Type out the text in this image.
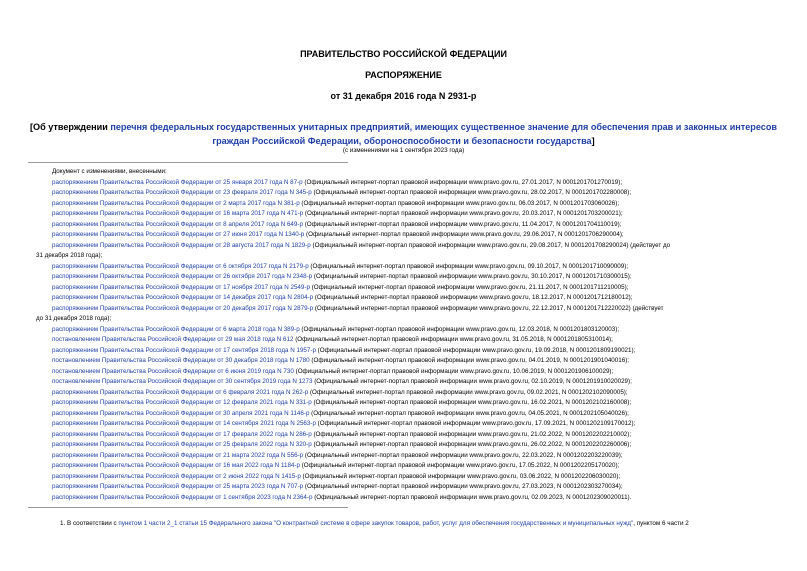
ПРАВИТЕЛЬСТВО РОССИЙСКОЙ ФЕДЕРАЦИИ
РАСПОРЯЖЕНИЕ
от 31 декабря 2016 года N 2931-р
[Об утверждении перечня федеральных государственных унитарных предприятий, имеющих существенное значение для обеспечения прав и законных интересов
граждан Российской Федерации, обороноспособности и безопасности государства]
(с изменениями на 1 сентября 2023 года)
Документ с изменениями, внесенными:
распоряжением Правительства Российской Федерации от 25 января 2017 года N 87-р (Официальный интернет-портал правовой информации www.pravo.gov.ru, 27.01.2017, N 0001201701270019);
распоряжением Правительства Российской Федерации от 23 февраля 2017 года N 345-р (Официальный интернет-портал правовой информации www.pravo.gov.ru, 28.02.2017, N 0001201702280008);
распоряжением Правительства Российской Федерации от 2 марта 2017 года N 381-р (Официальный интернет-портал правовой информации www.pravo.gov.ru, 06.03.2017, N 0001201703060026);
распоряжением Правительства Российской Федерации от 16 марта 2017 года N 471-р (Официальный интернет-портал правовой информации www.pravo.gov.ru, 20.03.2017, N 0001201703200021);
распоряжением Правительства Российской Федерации от 8 апреля 2017 года N 649-р (Официальный интернет-портал правовой информации www.pravo.gov.ru, 11.04.2017, N 0001201704110019);
распоряжением Правительства Российской Федерации от 27 июня 2017 года N 1340-р (Официальный интернет-портал правовой информации www.pravo.gov.ru, 29.06.2017, N 0001201706290004);
распоряжением Правительства Российской Федерации от 28 августа 2017 года N 1829-р (Официальный интернет-портал правовой информации www.pravo.gov.ru, 29.08.2017, N 0001201708290024) (действует до
31 декабря 2018 года);
распоряжением Правительства Российской Федерации от 6 октября 2017 года N 2179-р (Официальный интернет-портал правовой информации www.pravo.gov.ru, 09.10.2017, N 0001201710090009);
распоряжением Правительства Российской Федерации от 26 октября 2017 года N 2348-р (Официальный интернет-портал правовой информации www.pravo.gov.ru, 30.10.2017, N 0001201710300015);
распоряжением Правительства Российской Федерации от 17 ноября 2017 года N 2549-р (Официальный интернет-портал правовой информации www.pravo.gov.ru, 21.11.2017, N 0001201711210005);
распоряжением Правительства Российской Федерации от 14 декабря 2017 года N 2804-р (Официальный интернет-портал правовой информации www.pravo.gov.ru, 18.12.2017, N 0001201712180012);
распоряжением Правительства Российской Федерации от 20 декабря 2017 года N 2879-р (Официальный интернет-портал правовой информации www.pravo.gov.ru, 22.12.2017, N 0001201712220022) (действует
до 31 декабря 2018 года);
распоряжением Правительства Российской Федерации от 6 марта 2018 года N 389-р (Официальный интернет-портал правовой информации www.pravo.gov.ru, 12.03.2018, N 0001201803120003);
постановлением Правительства Российской Федерации от 29 мая 2018 года N 612 (Официальный интернет-портал правовой информации www.pravo.gov.ru, 31.05.2018, N 0001201805310014);
распоряжением Правительства Российской Федерации от 17 сентября 2018 года N 1957-р (Официальный интернет-портал правовой информации www.pravo.gov.ru, 19.09.2018, N 0001201809190021);
постановлением Правительства Российской Федерации от 30 декабря 2018 года N 1780 (Официальный интернет-портал правовой информации www.pravo.gov.ru, 04.01.2019, N 0001201901040016);
постановлением Правительства Российской Федерации от 6 июня 2019 года N 730 (Официальный интернет-портал правовой информации www.pravo.gov.ru, 10.06.2019, N 0001201906100029);
постановлением Правительства Российской Федерации от 30 сентября 2019 года N 1273 (Официальный интернет-портал правовой информации www.pravo.gov.ru, 02.10.2019, N 0001201910020029);
распоряжением Правительства Российской Федерации от 6 февраля 2021 года N 262-р (Официальный интернет-портал правовой информации www.pravo.gov.ru, 09.02.2021, N 0001202102090005);
распоряжением Правительства Российской Федерации от 12 февраля 2021 года N 331-р (Официальный интернет-портал правовой информации www.pravo.gov.ru, 16.02.2021, N 0001202102160008);
распоряжением Правительства Российской Федерации от 30 апреля 2021 года N 1146-р (Официальный интернет-портал правовой информации www.pravo.gov.ru, 04.05.2021, N 0001202105040026);
распоряжением Правительства Российской Федерации от 14 сентября 2021 года N 2563-р (Официальный интернет-портал правовой информации www.pravo.gov.ru, 17.09.2021, N 0001202109170012);
распоряжением Правительства Российской Федерации от 17 февраля 2022 года N 286-р (Официальный интернет-портал правовой информации www.pravo.gov.ru, 21.02.2022, N 0001202202210002);
распоряжением Правительства Российской Федерации от 25 февраля 2022 года N 320-р (Официальный интернет-портал правовой информации www.pravo.gov.ru, 26.02.2022, N 0001202202260006);
распоряжением Правительства Российской Федерации от 21 марта 2022 года N 556-р (Официальный интернет-портал правовой информации www.pravo.gov.ru, 22.03.2022, N 0001202203220039);
распоряжением Правительства Российской Федерации от 16 мая 2022 года N 1184-р (Официальный интернет-портал правовой информации www.pravo.gov.ru, 17.05.2022, N 0001202205170020);
распоряжением Правительства Российской Федерации от 2 июня 2022 года N 1415-р (Официальный интернет-портал правовой информации www.pravo.gov.ru, 03.06.2022, N 0001202206030020);
распоряжением Правительства Российской Федерации от 25 марта 2023 года N 707-р (Официальный интернет-портал правовой информации www.pravo.gov.ru, 27.03.2023, N 0001202303270034);
распоряжением Правительства Российской Федерации от 1 сентября 2023 года N 2364-р (Официальный интернет-портал правовой информации www.pravo.gov.ru, 02.09.2023, N 0001202309020011).
1. В соответствии с пунктом 1 части 2_1 статьи 15 Федерального закона "О контрактной системе в сфере закупок товаров, работ, услуг для обеспечения государственных и муниципальных нужд", пунктом 6 части 2
